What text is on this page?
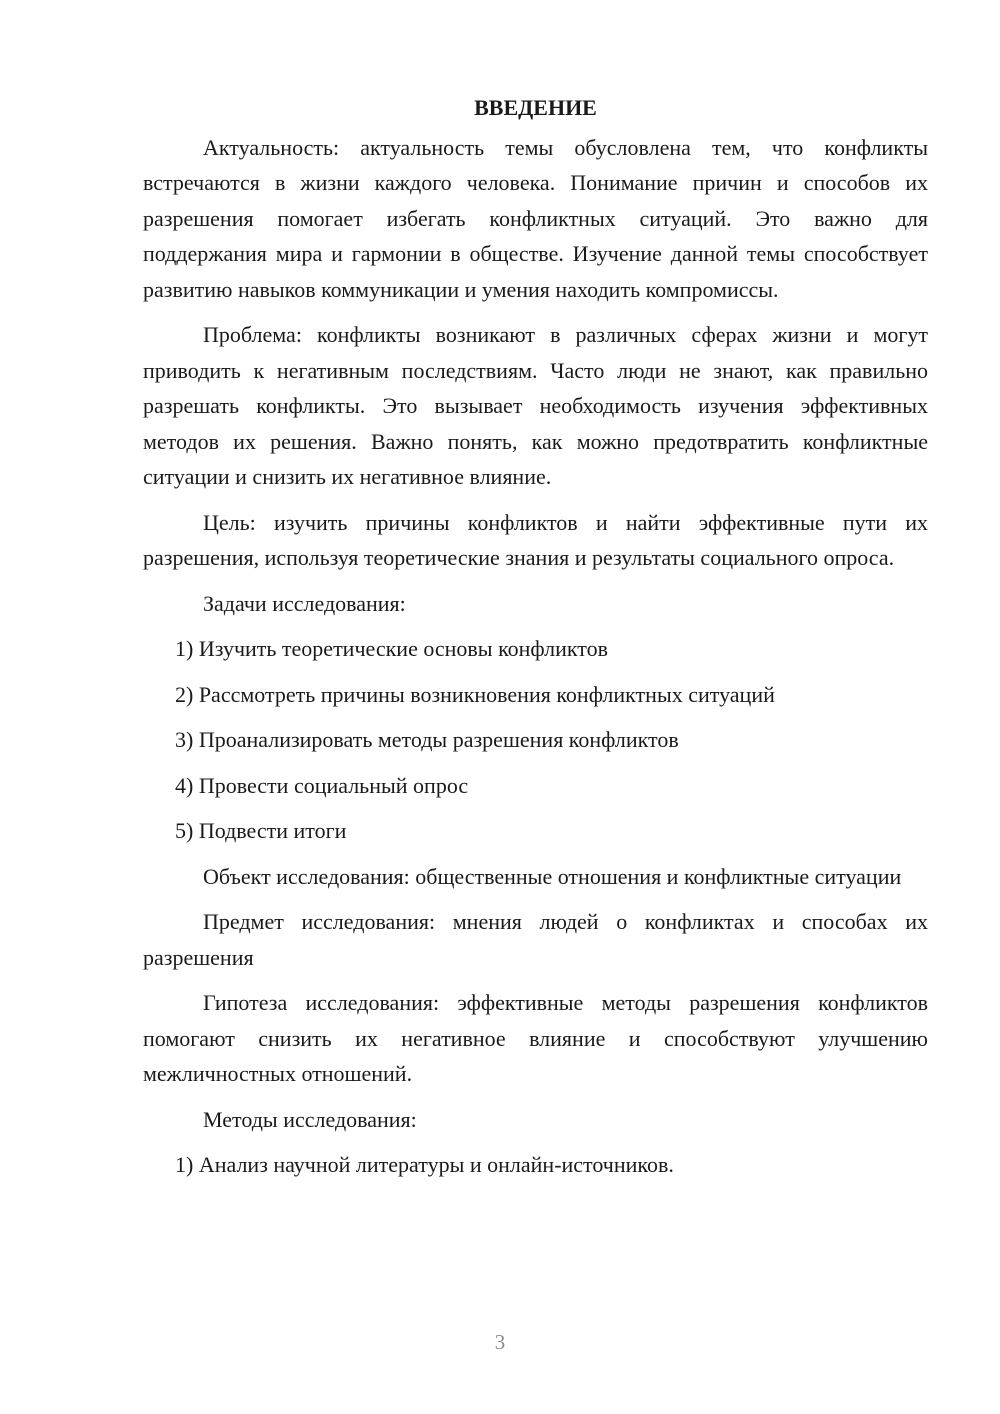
ВВЕДЕНИЕ

Актуальность: актуальность темы обусловлена тем, что конфликты встречаются в жизни каждого человека. Понимание причин и способов их разрешения помогает избегать конфликтных ситуаций. Это важно для поддержания мира и гармонии в обществе. Изучение данной темы способствует развитию навыков коммуникации и умения находить компромиссы.

Проблема: конфликты возникают в различных сферах жизни и могут приводить к негативным последствиям. Часто люди не знают, как правильно разрешать конфликты. Это вызывает необходимость изучения эффективных методов их решения. Важно понять, как можно предотвратить конфликтные ситуации и снизить их негативное влияние.

Цель: изучить причины конфликтов и найти эффективные пути их разрешения, используя теоретические знания и результаты социального опроса.

Задачи исследования:

1) Изучить теоретические основы конфликтов
2) Рассмотреть причины возникновения конфликтных ситуаций
3) Проанализировать методы разрешения конфликтов
4) Провести социальный опрос
5) Подвести итоги

Объект исследования: общественные отношения и конфликтные ситуации

Предмет исследования: мнения людей о конфликтах и способах их разрешения

Гипотеза исследования: эффективные методы разрешения конфликтов помогают снизить их негативное влияние и способствуют улучшению межличностных отношений.

Методы исследования:

1) Анализ научной литературы и онлайн-источников.
3
